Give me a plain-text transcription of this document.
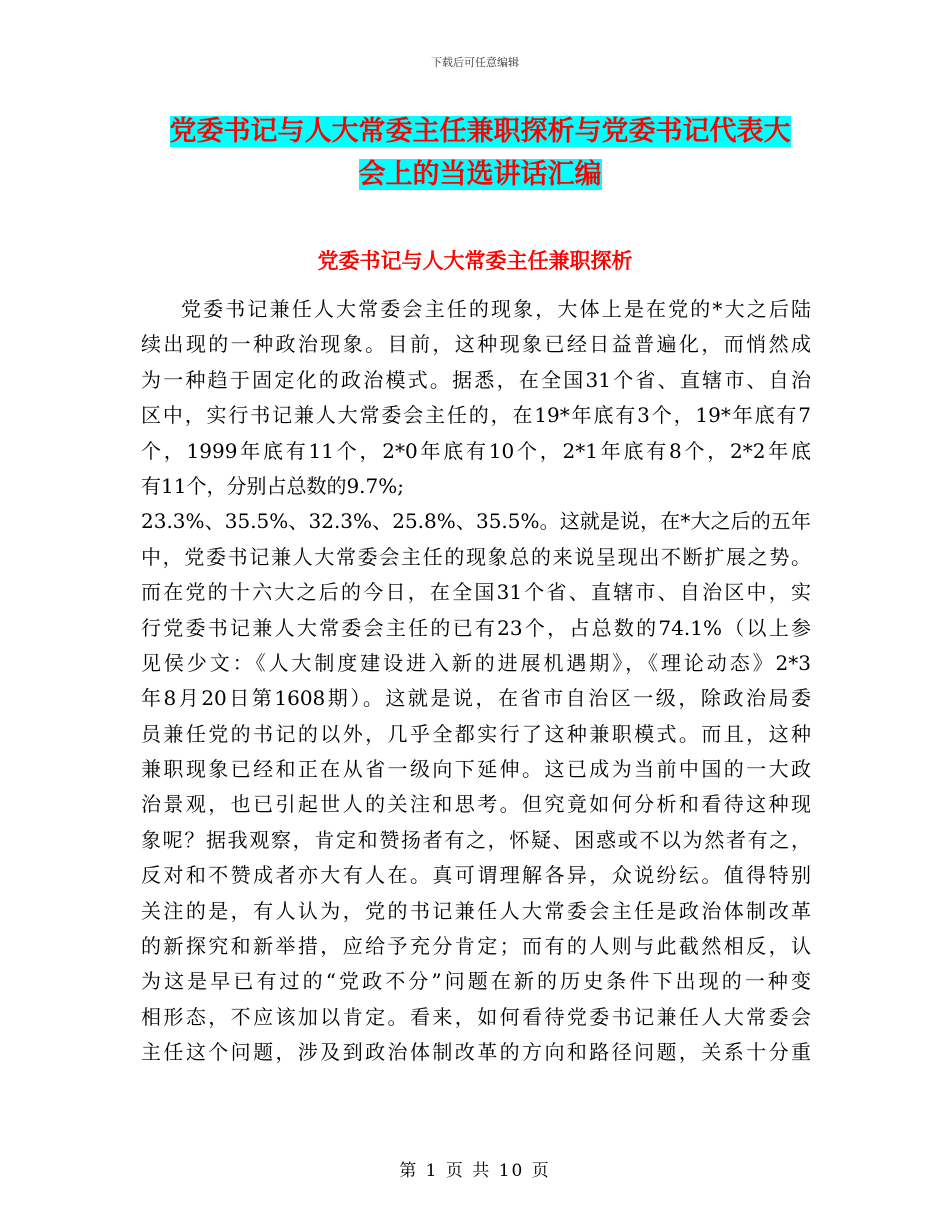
下载后可任意编辑
党委书记与人大常委主任兼职探析与党委书记代表大
会上的当选讲话汇编
党委书记与人大常委主任兼职探析
党委书记兼任人大常委会主任的现象，大体上是在党的*大之后陆
续出现的一种政治现象。目前，这种现象已经日益普遍化，而悄然成
为一种趋于固定化的政治模式。据悉，在全国31个省、直辖市、自治
区中，实行书记兼人大常委会主任的，在19*年底有3个，19*年底有7
个，1999年底有11个，2*0年底有10个，2*1年底有8个，2*2年底
有11个，分别占总数的9.7%;
23.3%、35.5%、32.3%、25.8%、35.5%。这就是说，在*大之后的五年
中，党委书记兼人大常委会主任的现象总的来说呈现出不断扩展之势。
而在党的十六大之后的今日，在全国31个省、直辖市、自治区中，实
行党委书记兼人大常委会主任的已有23个，占总数的74.1%（以上参
见侯少文：《人大制度建设进入新的进展机遇期》，《理论动态》2*3
年8月20日第1608期）。这就是说，在省市自治区一级，除政治局委
员兼任党的书记的以外，几乎全都实行了这种兼职模式。而且，这种
兼职现象已经和正在从省一级向下延伸。这已成为当前中国的一大政
治景观，也已引起世人的关注和思考。但究竟如何分析和看待这种现
象呢？据我观察，肯定和赞扬者有之，怀疑、困惑或不以为然者有之，
反对和不赞成者亦大有人在。真可谓理解各异，众说纷纭。值得特别
关注的是，有人认为，党的书记兼任人大常委会主任是政治体制改革
的新探究和新举措，应给予充分肯定；而有的人则与此截然相反，认
为这是早已有过的“党政不分”问题在新的历史条件下出现的一种变
相形态，不应该加以肯定。看来，如何看待党委书记兼任人大常委会
主任这个问题，涉及到政治体制改革的方向和路径问题，关系十分重
第 1 页 共 10 页
